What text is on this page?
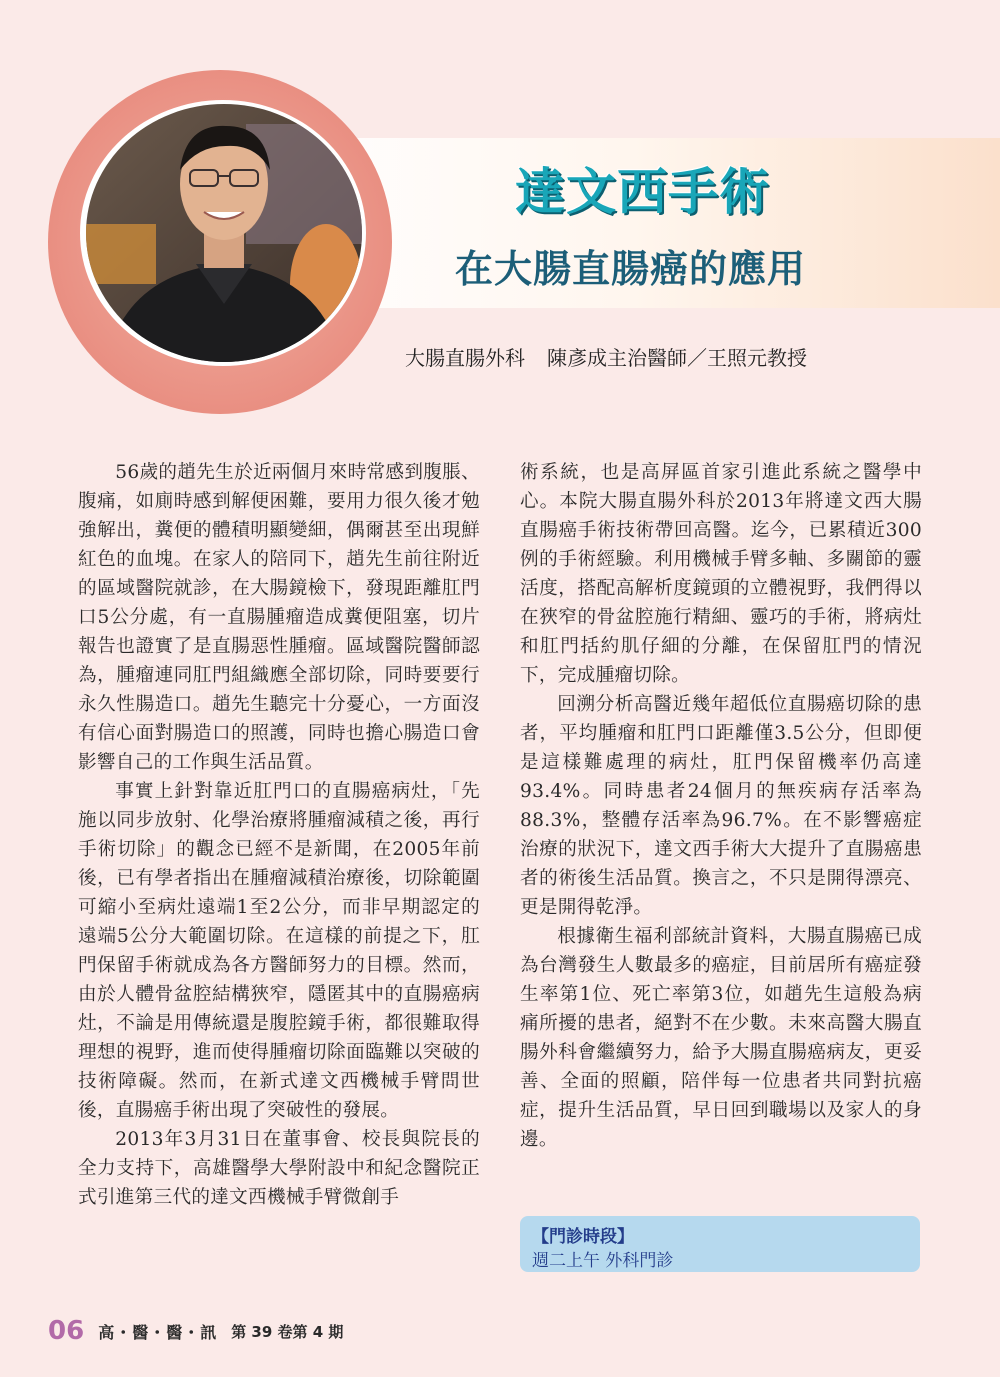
達文西手術
在大腸直腸癌的應用
大腸直腸外科 陳彥成主治醫師／王照元教授

56歲的趙先生於近兩個月來時常感到腹脹、腹痛，如廁時感到解便困難，要用力很久後才勉強解出，糞便的體積明顯變細，偶爾甚至出現鮮紅色的血塊。在家人的陪同下，趙先生前往附近的區域醫院就診，在大腸鏡檢下，發現距離肛門口5公分處，有一直腸腫瘤造成糞便阻塞，切片報告也證實了是直腸惡性腫瘤。區域醫院醫師認為，腫瘤連同肛門組織應全部切除，同時要要行永久性腸造口。趙先生聽完十分憂心，一方面沒有信心面對腸造口的照護，同時也擔心腸造口會影響自己的工作與生活品質。

事實上針對靠近肛門口的直腸癌病灶，「先施以同步放射、化學治療將腫瘤減積之後，再行手術切除」的觀念已經不是新聞，在2005年前後，已有學者指出在腫瘤減積治療後，切除範圍可縮小至病灶遠端1至2公分，而非早期認定的遠端5公分大範圍切除。在這樣的前提之下，肛門保留手術就成為各方醫師努力的目標。然而，由於人體骨盆腔結構狹窄，隱匿其中的直腸癌病灶，不論是用傳統還是腹腔鏡手術，都很難取得理想的視野，進而使得腫瘤切除面臨難以突破的技術障礙。然而，在新式達文西機械手臂問世後，直腸癌手術出現了突破性的發展。

2013年3月31日在董事會、校長與院長的全力支持下，高雄醫學大學附設中和紀念醫院正式引進第三代的達文西機械手臂微創手

術系統，也是高屏區首家引進此系統之醫學中心。本院大腸直腸外科於2013年將達文西大腸直腸癌手術技術帶回高醫。迄今，已累積近300例的手術經驗。利用機械手臂多軸、多關節的靈活度，搭配高解析度鏡頭的立體視野，我們得以在狹窄的骨盆腔施行精細、靈巧的手術，將病灶和肛門括約肌仔細的分離，在保留肛門的情況下，完成腫瘤切除。

回溯分析高醫近幾年超低位直腸癌切除的患者，平均腫瘤和肛門口距離僅3.5公分，但即便是這樣難處理的病灶，肛門保留機率仍高達93.4%。同時患者24個月的無疾病存活率為88.3%，整體存活率為96.7%。在不影響癌症治療的狀況下，達文西手術大大提升了直腸癌患者的術後生活品質。換言之，不只是開得漂亮、更是開得乾淨。

根據衛生福利部統計資料，大腸直腸癌已成為台灣發生人數最多的癌症，目前居所有癌症發生率第1位、死亡率第3位，如趙先生這般為病痛所擾的患者，絕對不在少數。未來高醫大腸直腸外科會繼續努力，給予大腸直腸癌病友，更妥善、全面的照顧，陪伴每一位患者共同對抗癌症，提升生活品質，早日回到職場以及家人的身邊。

【門診時段】
週二上午 外科門診
06 高・醫・醫・訊 第 39 卷第 4 期
